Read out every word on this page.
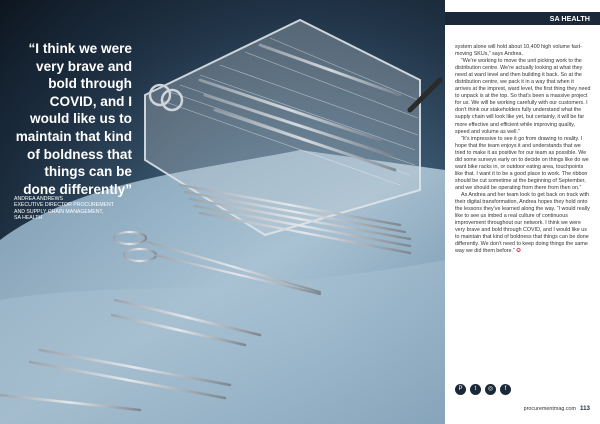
“I think we were very brave and bold through COVID, and I would like us to maintain that kind of boldness that things can be done differently”
ANDREA ANDREWS
EXECUTIVE DIRECTOR PROCUREMENT
AND SUPPLY CHAIN MANAGEMENT,
SA HEALTH
SA HEALTH

system alone will hold about 10,400 high volume fast-moving SKUs,” says Andrea.

“We’re working to move the unit picking work to the distribution centre. We’re actually looking at what they need at ward level and then building it back. So at the distribution centre, we pack it in a way that when it arrives at the imprest, ward level, the first thing they need to unpack is at the top. So that’s been a massive project for us. We will be working carefully with our customers. I don’t think our stakeholders fully understand what the supply chain will look like yet, but certainly, it will be far more effective and efficient while improving quality, speed and volume as well.”

“It’s impressive to see it go from drawing to reality. I hope that the team enjoys it and understands that we tried to make it as positive for our team as possible. We did some surveys early on to decide on things like do we want bike racks in, or outdoor eating area, touchpoints like that. I want it to be a good place to work. The ribbon should be cut sometime at the beginning of September, and we should be operating from there from then on.”

As Andrea and her team look to get back on track with their digital transformation, Andrea hopes they hold onto the lessons they’ve learned along the way. “I would really like to see us imbed a real culture of continuous improvement throughout our network. I think we were very brave and bold through COVID, and I would like us to maintain that kind of boldness that things can be done differently. We don’t need to keep doing things the same way we did them before.” ✪

P	t	◎	f
procurementmag.com 113
